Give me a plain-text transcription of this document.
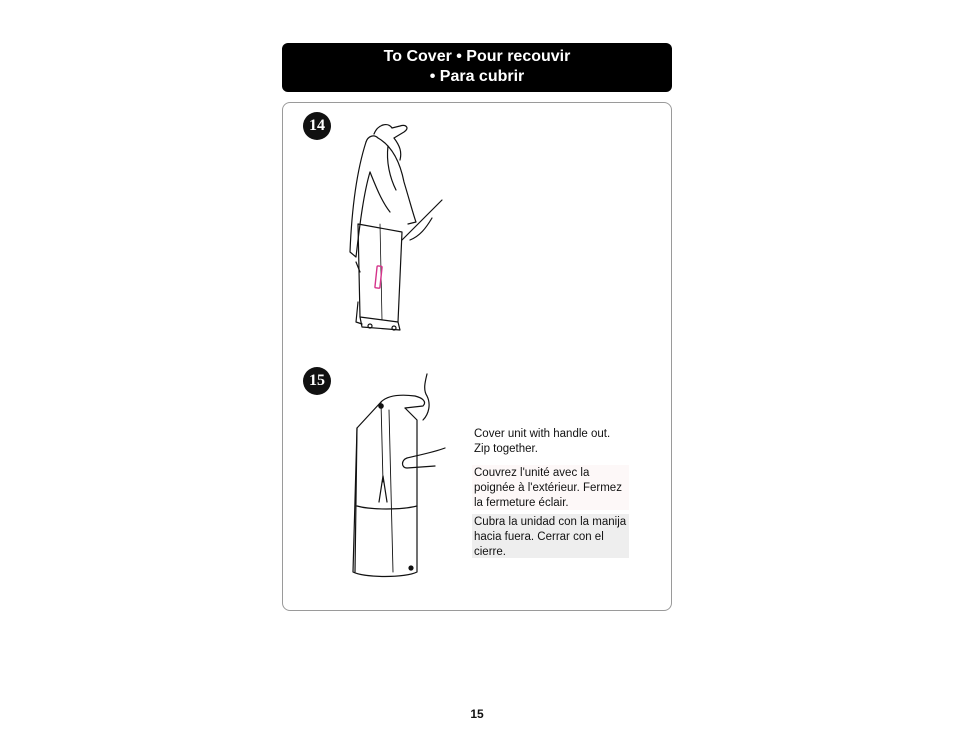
To Cover • Pour recouvir
• Para cubrir
14
15
Cover unit with handle out. Zip together.
Couvrez l'unité avec la poignée à l'extérieur. Fermez la fermeture éclair.
Cubra la unidad con la manija hacia fuera. Cerrar con el cierre.
15
